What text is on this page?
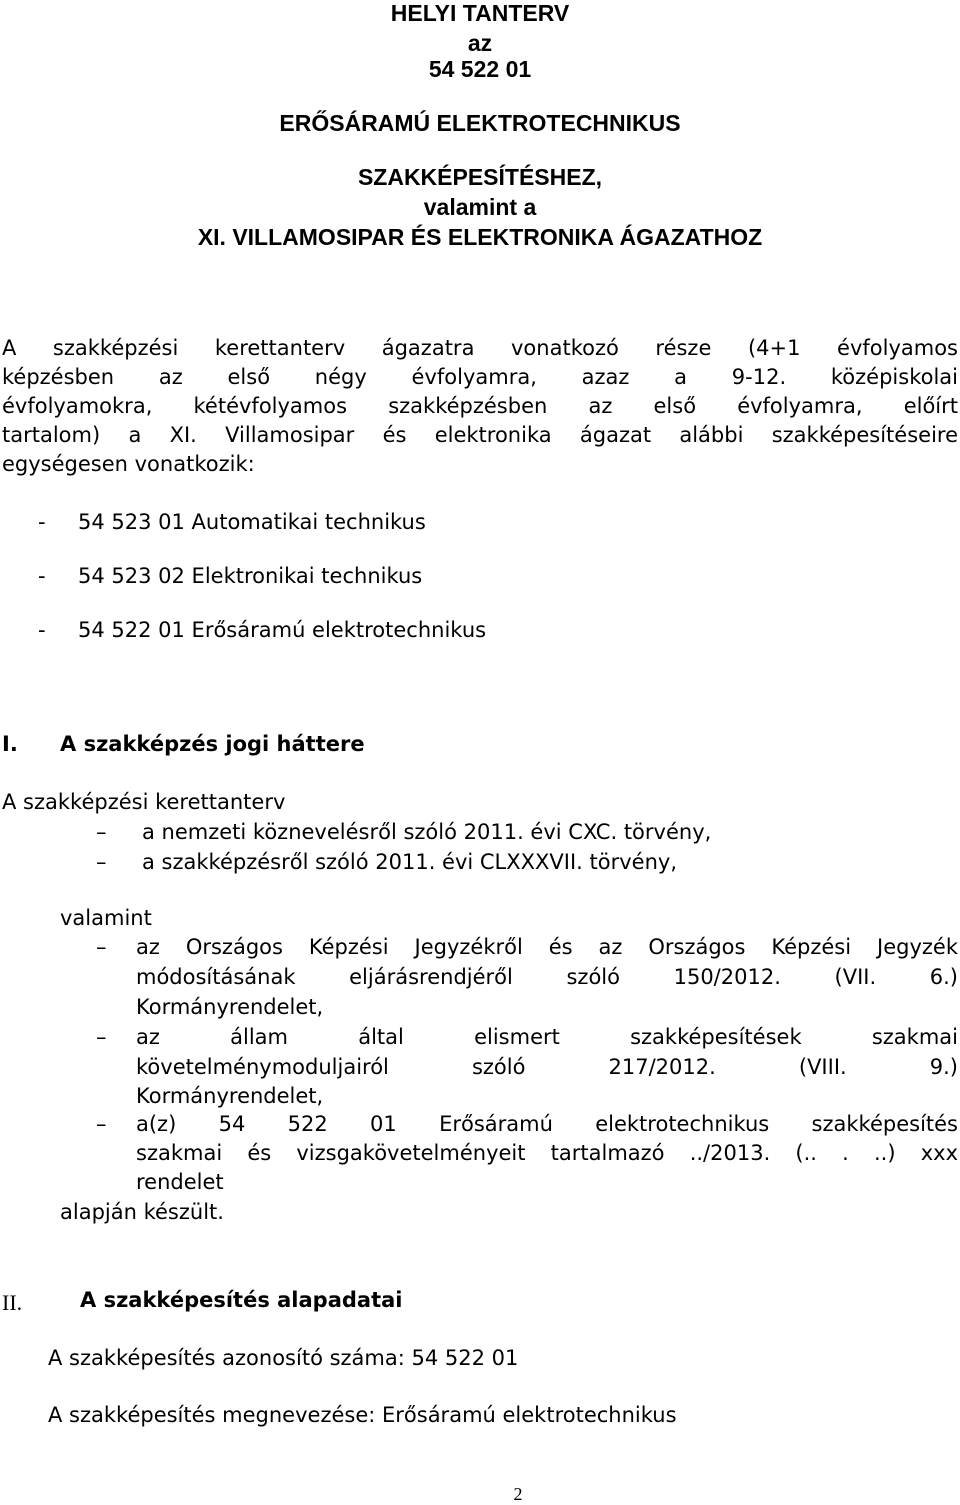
HELYI TANTERV
az
54 522 01
ERŐSÁRAMÚ ELEKTROTECHNIKUS
SZAKKÉPESÍTÉSHEZ,
valamint a
XI. VILLAMOSIPAR ÉS ELEKTRONIKA ÁGAZATHOZ
A szakképzési kerettanterv ágazatra vonatkozó része (4+1 évfolyamos
képzésben az első négy évfolyamra, azaz a 9-12. középiskolai
évfolyamokra, kétévfolyamos szakképzésben az első évfolyamra, előírt
tartalom) a XI. Villamosipar és elektronika ágazat alábbi szakképesítéseire
egységesen vonatkozik:
- 54 523 01 Automatikai technikus
- 54 523 02 Elektronikai technikus
- 54 522 01 Erősáramú elektrotechnikus
I. A szakképzés jogi háttere
A szakképzési kerettanterv
– a nemzeti köznevelésről szóló 2011. évi CXC. törvény,
– a szakképzésről szóló 2011. évi CLXXXVII. törvény,
valamint
– az Országos Képzési Jegyzékről és az Országos Képzési Jegyzék
módosításának eljárásrendjéről szóló 150/2012. (VII. 6.)
Kormányrendelet,
– az állam által elismert szakképesítések szakmai
követelménymoduljairól szóló 217/2012. (VIII. 9.)
Kormányrendelet,
– a(z) 54 522 01 Erősáramú elektrotechnikus szakképesítés
szakmai és vizsgakövetelményeit tartalmazó ../2013. (.. . ..) xxx
rendelet
alapján készült.
II.	A szakképesítés alapadatai
A szakképesítés azonosító száma: 54 522 01
A szakképesítés megnevezése: Erősáramú elektrotechnikus
2
